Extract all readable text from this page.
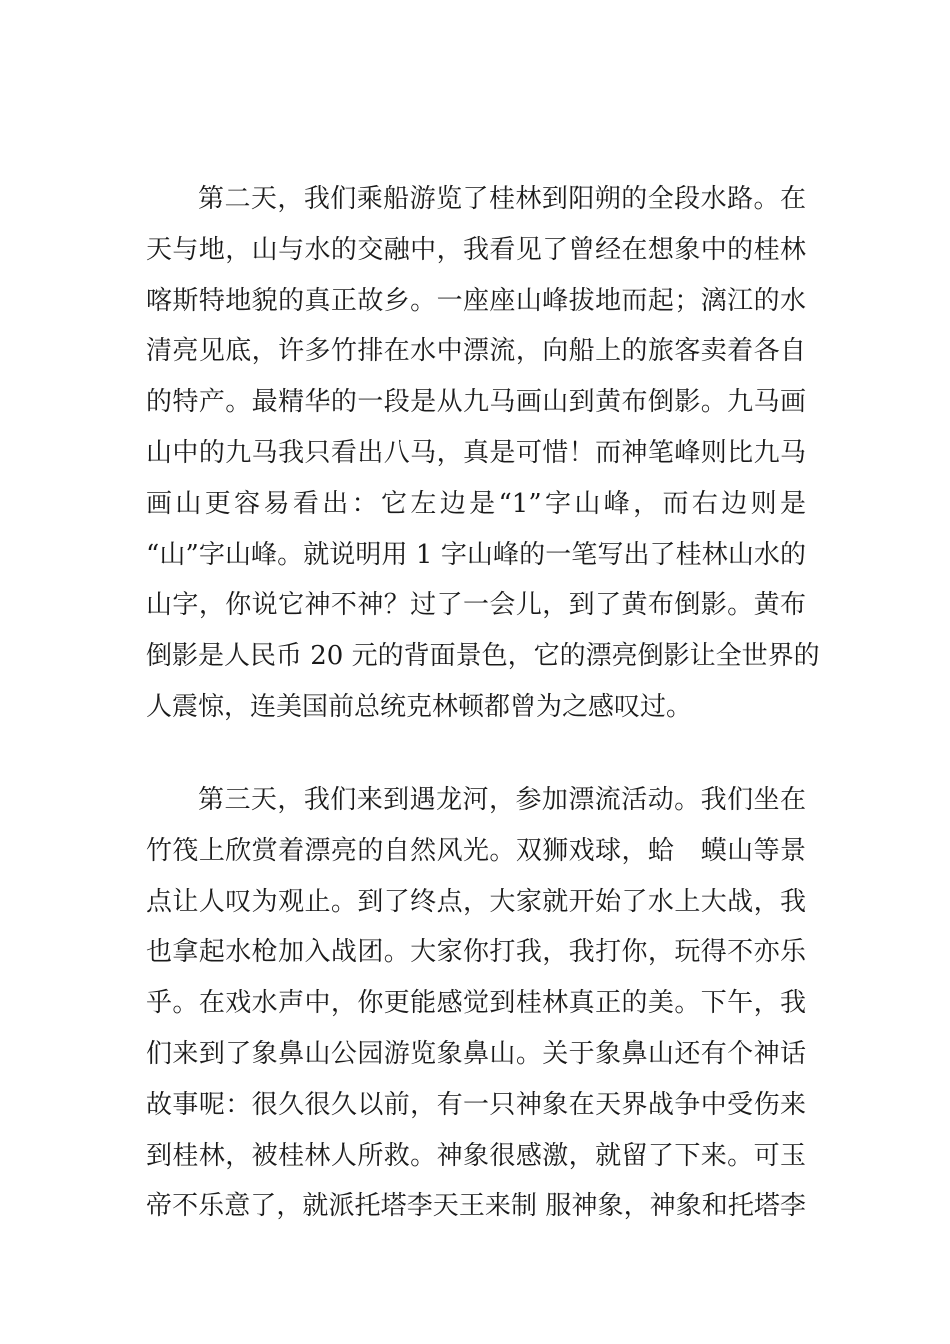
第二天，我们乘船游览了桂林到阳朔的全段水路。在
天与地，山与水的交融中，我看见了曾经在想象中的桂林
喀斯特地貌的真正故乡。一座座山峰拔地而起；漓江的水
清亮见底，许多竹排在水中漂流，向船上的旅客卖着各自
的特产。最精华的一段是从九马画山到黄布倒影。九马画
山中的九马我只看出八马，真是可惜！而神笔峰则比九马
画山更容易看出：它左边是“1”字山峰，而右边则是
“山”字山峰。就说明用 1 字山峰的一笔写出了桂林山水的
山字，你说它神不神？过了一会儿，到了黄布倒影。黄布
倒影是人民币 20 元的背面景色，它的漂亮倒影让全世界的
人震惊，连美国前总统克林顿都曾为之感叹过。
第三天，我们来到遇龙河，参加漂流活动。我们坐在
竹筏上欣赏着漂亮的自然风光。双狮戏球，蛤　蟆山等景
点让人叹为观止。到了终点，大家就开始了水上大战，我
也拿起水枪加入战团。大家你打我，我打你，玩得不亦乐
乎。在戏水声中，你更能感觉到桂林真正的美。下午，我
们来到了象鼻山公园游览象鼻山。关于象鼻山还有个神话
故事呢：很久很久以前，有一只神象在天界战争中受伤来
到桂林，被桂林人所救。神象很感激，就留了下来。可玉
帝不乐意了，就派托塔李天王来制 服神象，神象和托塔李
